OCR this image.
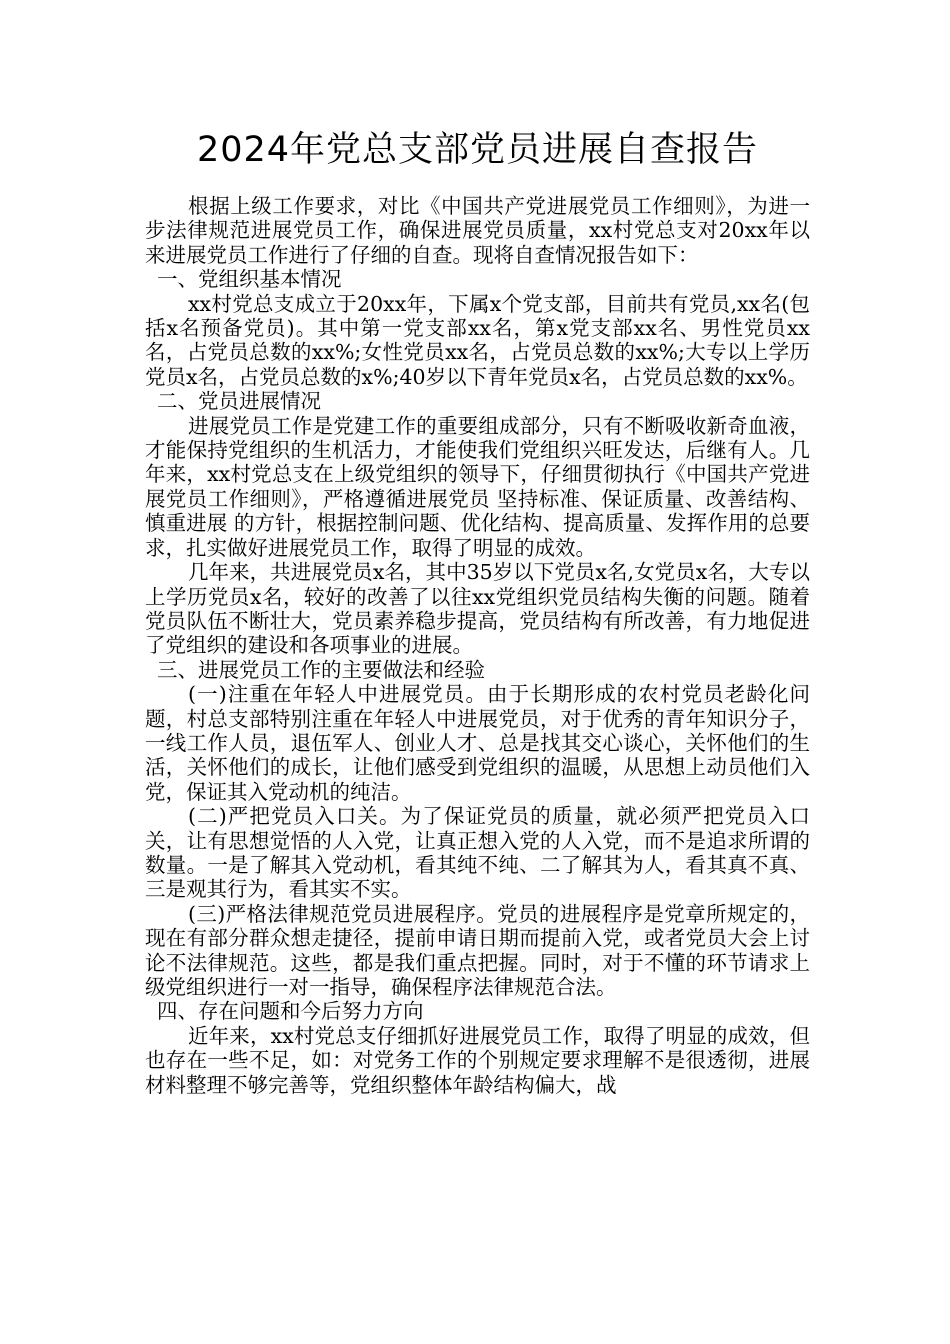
2024年党总支部党员进展自查报告

根据上级工作要求，对比《中国共产党进展党员工作细则》，为进一步法律规范进展党员工作，确保进展党员质量，xx村党总支对20xx年以来进展党员工作进行了仔细的自查。现将自查情况报告如下：

一、党组织基本情况

xx村党总支成立于20xx年，下属x个党支部，目前共有党员,xx名(包括x名预备党员)。其中第一党支部xx名，第x党支部xx名、男性党员xx名，占党员总数的xx%;女性党员xx名，占党员总数的xx%;大专以上学历党员x名，占党员总数的x%;40岁以下青年党员x名，占党员总数的xx%。

二、党员进展情况

进展党员工作是党建工作的重要组成部分，只有不断吸收新奇血液，才能保持党组织的生机活力，才能使我们党组织兴旺发达，后继有人。几年来，xx村党总支在上级党组织的领导下，仔细贯彻执行《中国共产党进展党员工作细则》，严格遵循进展党员 坚持标准、保证质量、改善结构、慎重进展 的方针，根据控制问题、优化结构、提高质量、发挥作用的总要求，扎实做好进展党员工作，取得了明显的成效。

几年来，共进展党员x名，其中35岁以下党员x名,女党员x名，大专以上学历党员x名，较好的改善了以往xx党组织党员结构失衡的问题。随着党员队伍不断壮大，党员素养稳步提高，党员结构有所改善，有力地促进了党组织的建设和各项事业的进展。

三、进展党员工作的主要做法和经验

(一)注重在年轻人中进展党员。由于长期形成的农村党员老龄化问题，村总支部特别注重在年轻人中进展党员，对于优秀的青年知识分子，一线工作人员，退伍军人、创业人才、总是找其交心谈心，关怀他们的生活，关怀他们的成长，让他们感受到党组织的温暖，从思想上动员他们入党，保证其入党动机的纯洁。

(二)严把党员入口关。为了保证党员的质量，就必须严把党员入口关，让有思想觉悟的人入党，让真正想入党的人入党，而不是追求所谓的数量。一是了解其入党动机，看其纯不纯、二了解其为人，看其真不真、三是观其行为，看其实不实。

(三)严格法律规范党员进展程序。党员的进展程序是党章所规定的，现在有部分群众想走捷径，提前申请日期而提前入党，或者党员大会上讨论不法律规范。这些，都是我们重点把握。同时，对于不懂的环节请求上级党组织进行一对一指导，确保程序法律规范合法。

四、存在问题和今后努力方向

近年来，xx村党总支仔细抓好进展党员工作，取得了明显的成效，但也存在一些不足，如：对党务工作的个别规定要求理解不是很透彻，进展材料整理不够完善等，党组织整体年龄结构偏大，战
